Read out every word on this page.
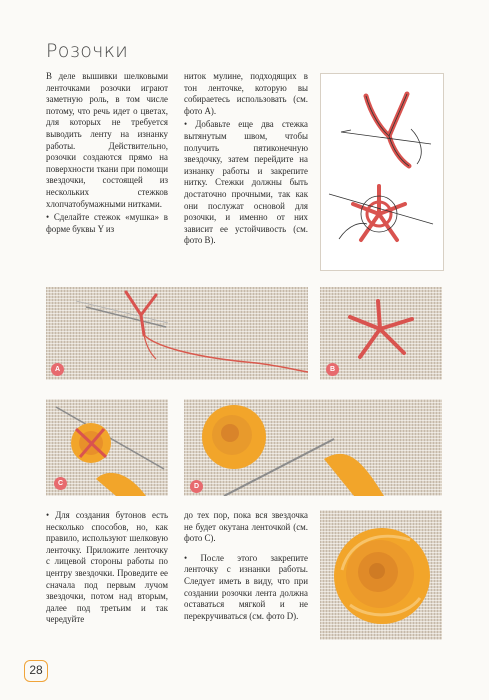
Розочки

В деле вышивки шелковыми ленточками розочки играют заметную роль, в том числе потому, что речь идет о цветах, для которых не требуется выводить ленту на изнанку работы. Действительно, розочки создаются прямо на поверхности ткани при помощи звездочки, состоящей из нескольких стежков хлопчатобумажными нитками.

• Сделайте стежок «мушка» в форме буквы Y из

ниток мулине, подходящих в тон ленточке, которую вы собираетесь использовать (см. фото А).

• Добавьте еще два стежка вытянутым швом, чтобы получить пятиконечную звездочку, затем перейдите на изнанку работы и закрепите нитку. Стежки должны быть достаточно прочными, так как они послужат основой для розочки, и именно от них зависит ее устойчивость (см. фото В).

A	B
C	D

• Для создания бутонов есть несколько способов, но, как правило, используют шелковую ленточку. Приложите ленточку с лицевой стороны работы по центру звездочки. Проведите ее сначала под первым лучом звездочки, потом над вторым, далее под третьим и так чередуйте

до тех пор, пока вся звездочка не будет окутана ленточкой (см. фото С).

• После этого закрепите ленточку с изнанки работы. Следует иметь в виду, что при создании розочки лента должна оставаться мягкой и не перекручиваться (см. фото D).

28
